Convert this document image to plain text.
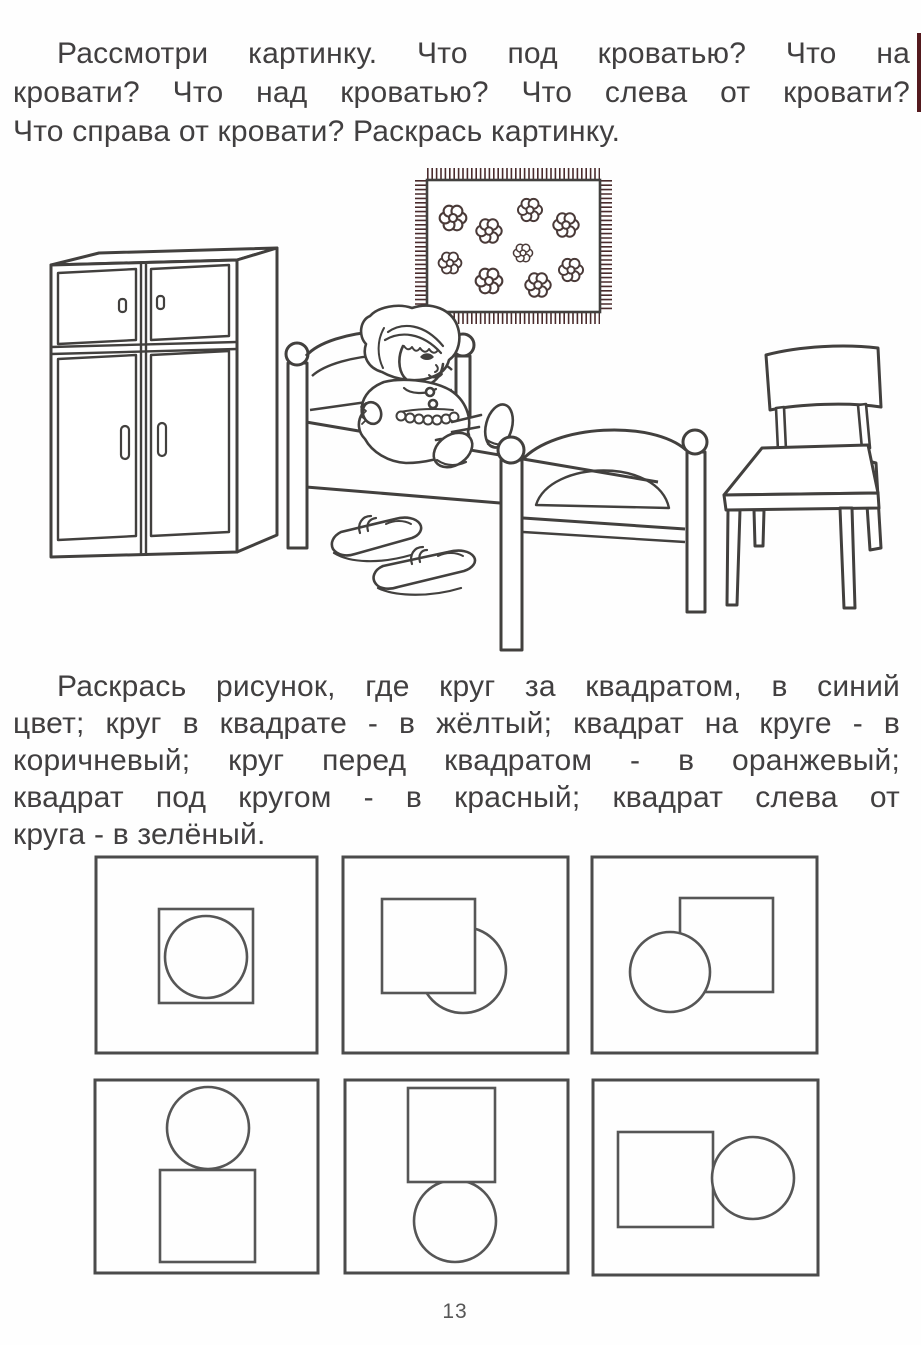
Рассмотри картинку. Что под кроватью? Что на
кровати? Что над кроватью? Что слева от кровати?
Что справа от кровати? Раскрась картинку.
Раскрась рисунок, где круг за квадратом, в синий
цвет; круг в квадрате - в жёлтый; квадрат на круге - в
коричневый; круг перед квадратом - в оранжевый;
квадрат под кругом - в красный; квадрат слева от
круга - в зелёный.
13
